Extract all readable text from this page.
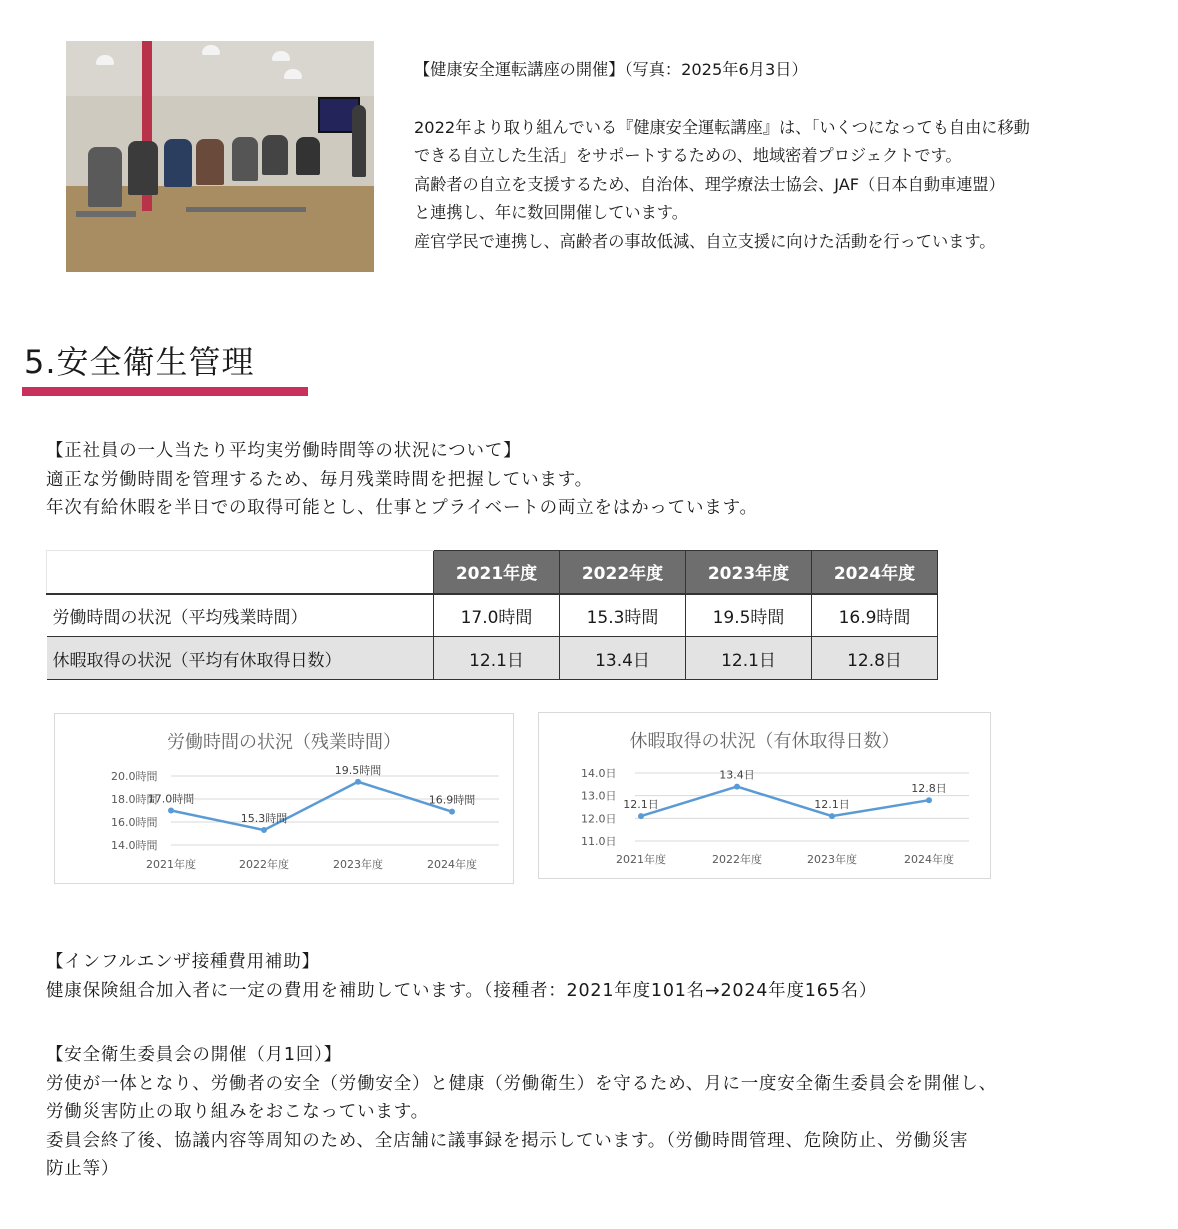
【健康安全運転講座の開催】（写真：2025年6月3日）
2022年より取り組んでいる『健康安全運転講座』は、「いくつになっても自由に移動
できる自立した生活」をサポートするための、地域密着プロジェクトです。
高齢者の自立を支援するため、自治体、理学療法士協会、JAF（日本自動車連盟）
と連携し、年に数回開催しています。
産官学民で連携し、高齢者の事故低減、自立支援に向けた活動を行っています。
5.安全衛生管理
【正社員の一人当たり平均実労働時間等の状況について】
適正な労働時間を管理するため、毎月残業時間を把握しています。
年次有給休暇を半日での取得可能とし、仕事とプライベートの両立をはかっています。
	2021年度	2022年度	2023年度	2024年度
労働時間の状況（平均残業時間）	17.0時間	15.3時間	19.5時間	16.9時間
休暇取得の状況（平均有休取得日数）	12.1日	13.4日	12.1日	12.8日
労働時間の状況（残業時間）
20.0時間
18.0時間
16.0時間
14.0時間
2021年度	2022年度	2023年度	2024年度
17.0時間
15.3時間
19.5時間
16.9時間
休暇取得の状況（有休取得日数）
14.0日
13.0日
12.0日
11.0日
2021年度	2022年度	2023年度	2024年度
12.1日
13.4日
12.1日
12.8日
【インフルエンザ接種費用補助】
健康保険組合加入者に一定の費用を補助しています。（接種者：2021年度101名→2024年度165名）
【安全衛生委員会の開催（月1回）】
労使が一体となり、労働者の安全（労働安全）と健康（労働衛生）を守るため、月に一度安全衛生委員会を開催し、
労働災害防止の取り組みをおこなっています。
委員会終了後、協議内容等周知のため、全店舗に議事録を掲示しています。（労働時間管理、危険防止、労働災害
防止等）
